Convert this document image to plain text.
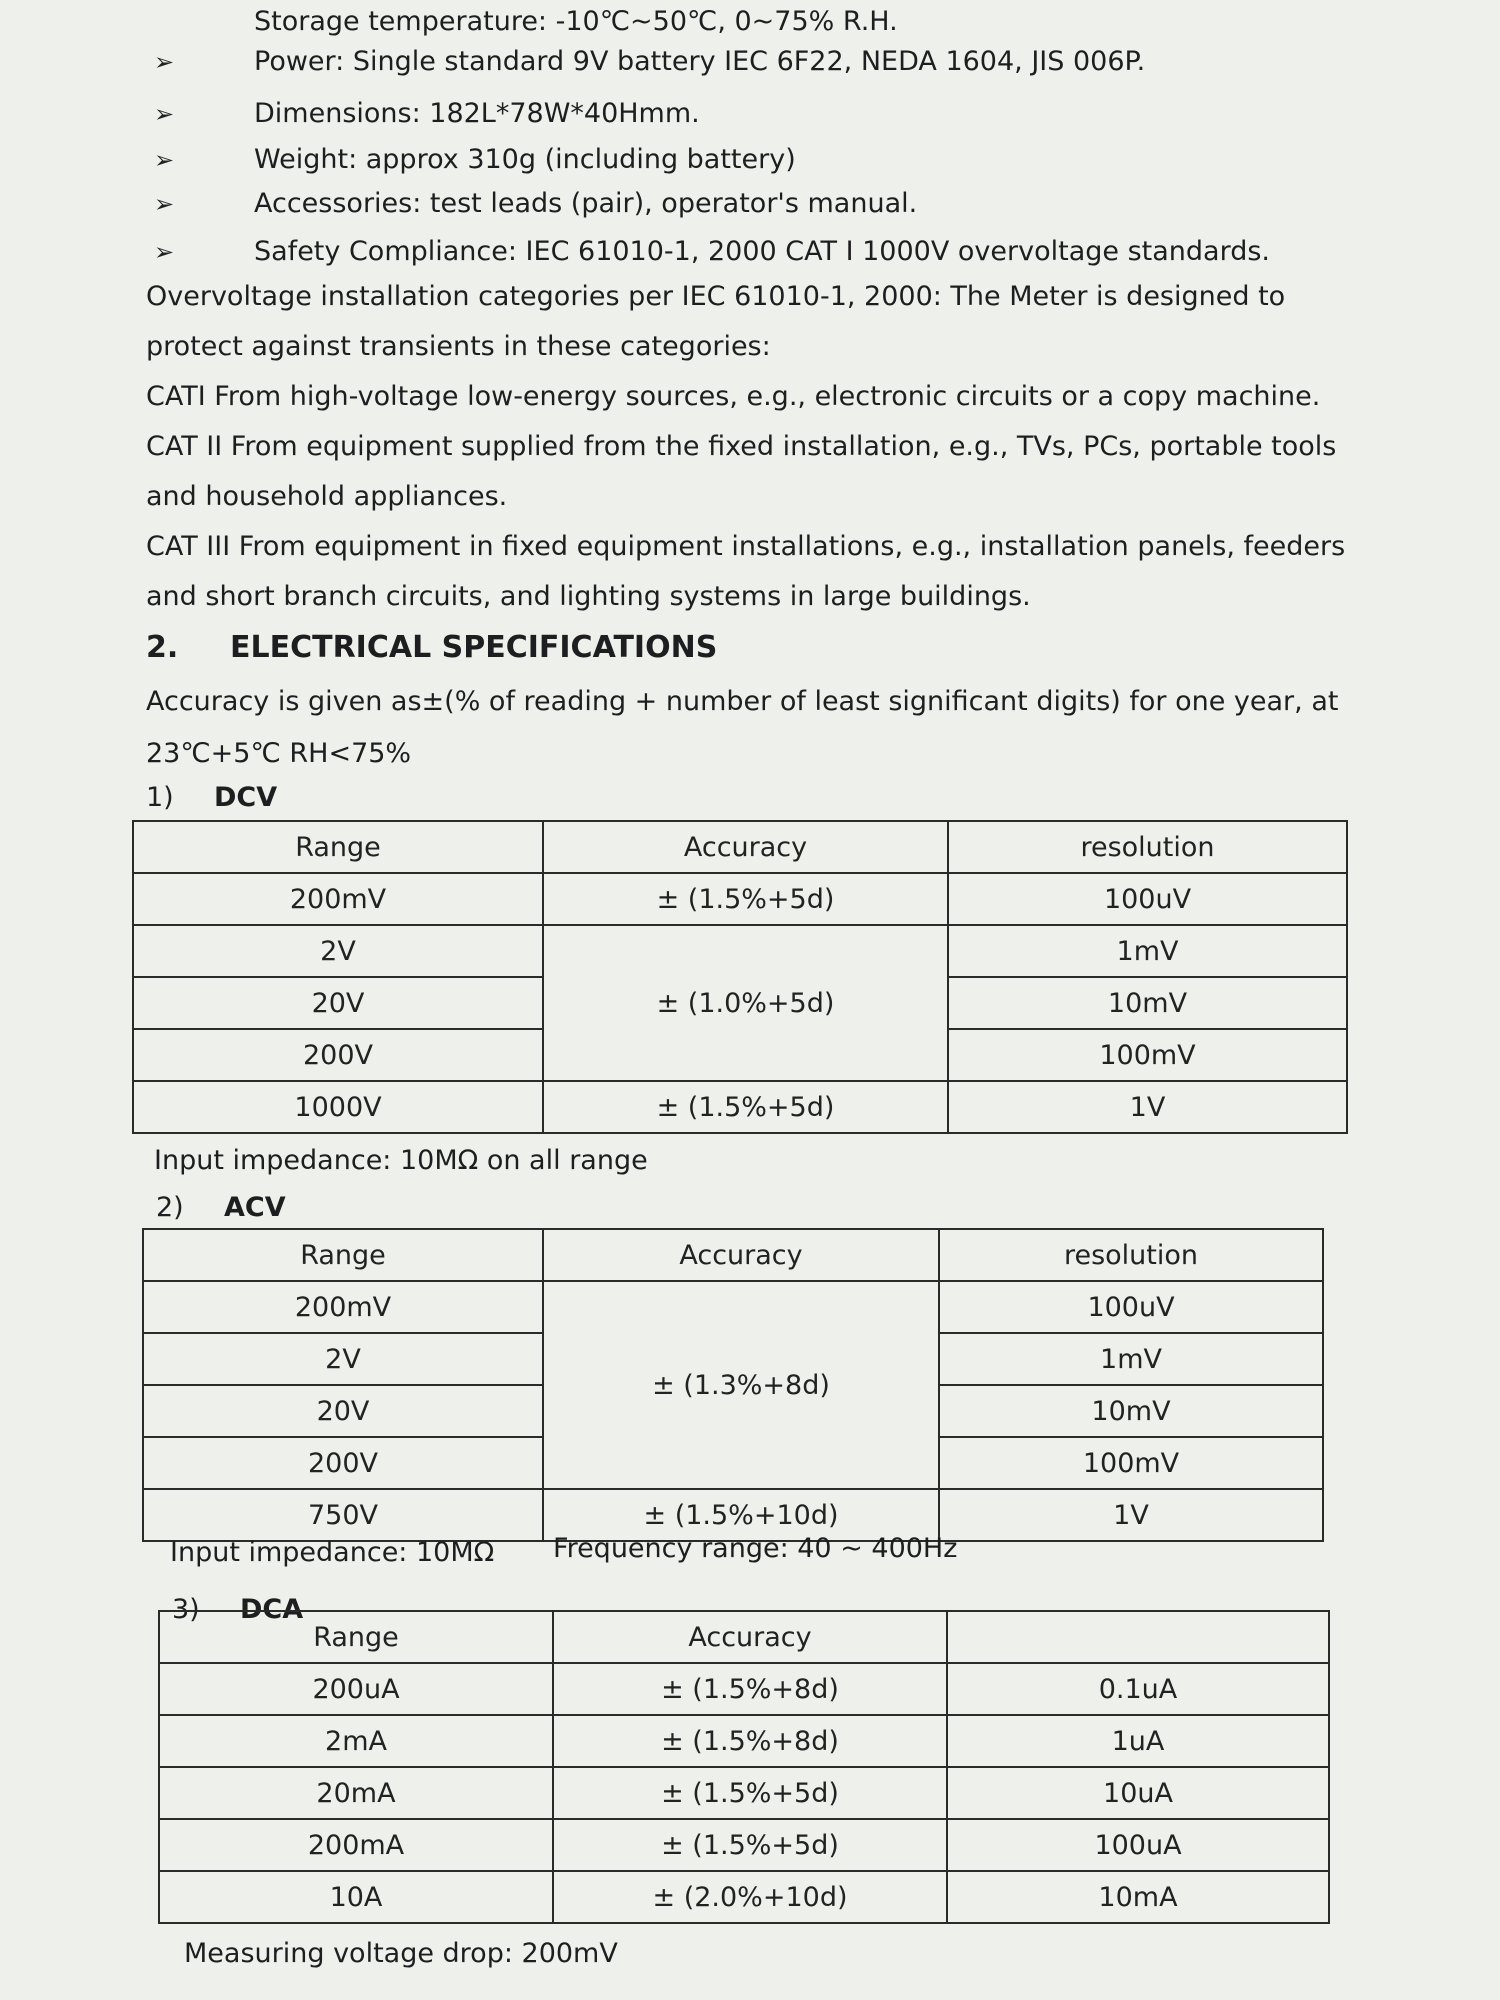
Storage temperature: -10℃~50℃, 0~75% R.H.
➢	Power: Single standard 9V battery IEC 6F22, NEDA 1604, JIS 006P.
➢	Dimensions: 182L*78W*40Hmm.
➢	Weight: approx 310g (including battery)
➢	Accessories: test leads (pair), operator's manual.
➢	Safety Compliance: IEC 61010-1, 2000 CAT I 1000V overvoltage standards.

Overvoltage installation categories per IEC 61010-1, 2000: The Meter is designed to protect against transients in these categories:

CATI From high-voltage low-energy sources, e.g., electronic circuits or a copy machine.

CAT II From equipment supplied from the fixed installation, e.g., TVs, PCs, portable tools and household appliances.

CAT III From equipment in fixed equipment installations, e.g., installation panels, feeders and short branch circuits, and lighting systems in large buildings.

2. ELECTRICAL SPECIFICATIONS
Accuracy is given as±(% of reading + number of least significant digits) for one year, at 23℃+5℃ RH<75%
1) DCV
Range	Accuracy	resolution
200mV	± (1.5%+5d)	100uV
2V	± (1.0%+5d)	1mV
20V		10mV
200V		100mV
1000V	± (1.5%+5d)	1V
Input impedance: 10MΩ on all range
2) ACV
Range	Accuracy	resolution
200mV	± (1.3%+8d)	100uV
2V		1mV
20V		10mV
200V		100mV
750V	± (1.5%+10d)	1V
Input impedance: 10MΩ Frequency range: 40 ~ 400Hz
3) DCA
Range	Accuracy	
200uA	± (1.5%+8d)	0.1uA
2mA	± (1.5%+8d)	1uA
20mA	± (1.5%+5d)	10uA
200mA	± (1.5%+5d)	100uA
10A	± (2.0%+10d)	10mA
Measuring voltage drop: 200mV
